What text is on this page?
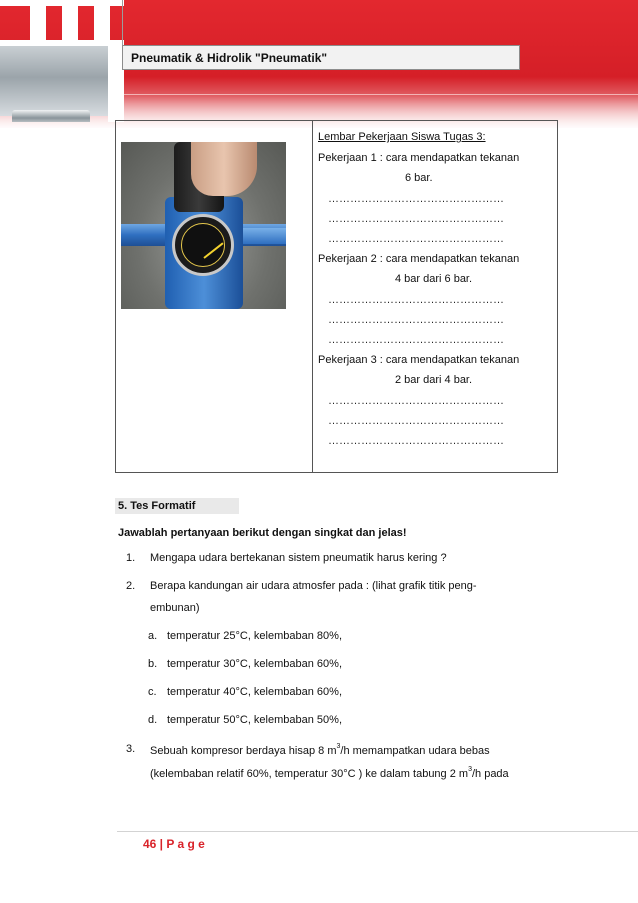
Pneumatik & Hidrolik "Pneumatik"
Lembar Pekerjaan Siswa Tugas 3:
Pekerjaan 1 : cara mendapatkan tekanan
6 bar.
…………………………………………
…………………………………………
…………………………………………
Pekerjaan 2 : cara mendapatkan tekanan
4 bar dari 6 bar.
…………………………………………
…………………………………………
…………………………………………
Pekerjaan 3 : cara mendapatkan tekanan
2 bar dari 4 bar.
…………………………………………
…………………………………………
…………………………………………
5. Tes Formatif
Jawablah pertanyaan berikut dengan singkat dan jelas!
1. Mengapa udara bertekanan sistem pneumatik harus kering ?
2. Berapa kandungan air udara atmosfer pada : (lihat grafik titik peng-
embunan)
a. temperatur 25°C, kelembaban 80%,
b. temperatur 30°C, kelembaban 60%,
c. temperatur 40°C, kelembaban 60%,
d. temperatur 50°C, kelembaban 50%,
3. Sebuah kompresor berdaya hisap 8 $m^3/h$ memampatkan udara bebas
(kelembaban relatif 60%, temperatur 30°C ) ke dalam tabung 2 $m^3/h$ pada
46 | P a g e
